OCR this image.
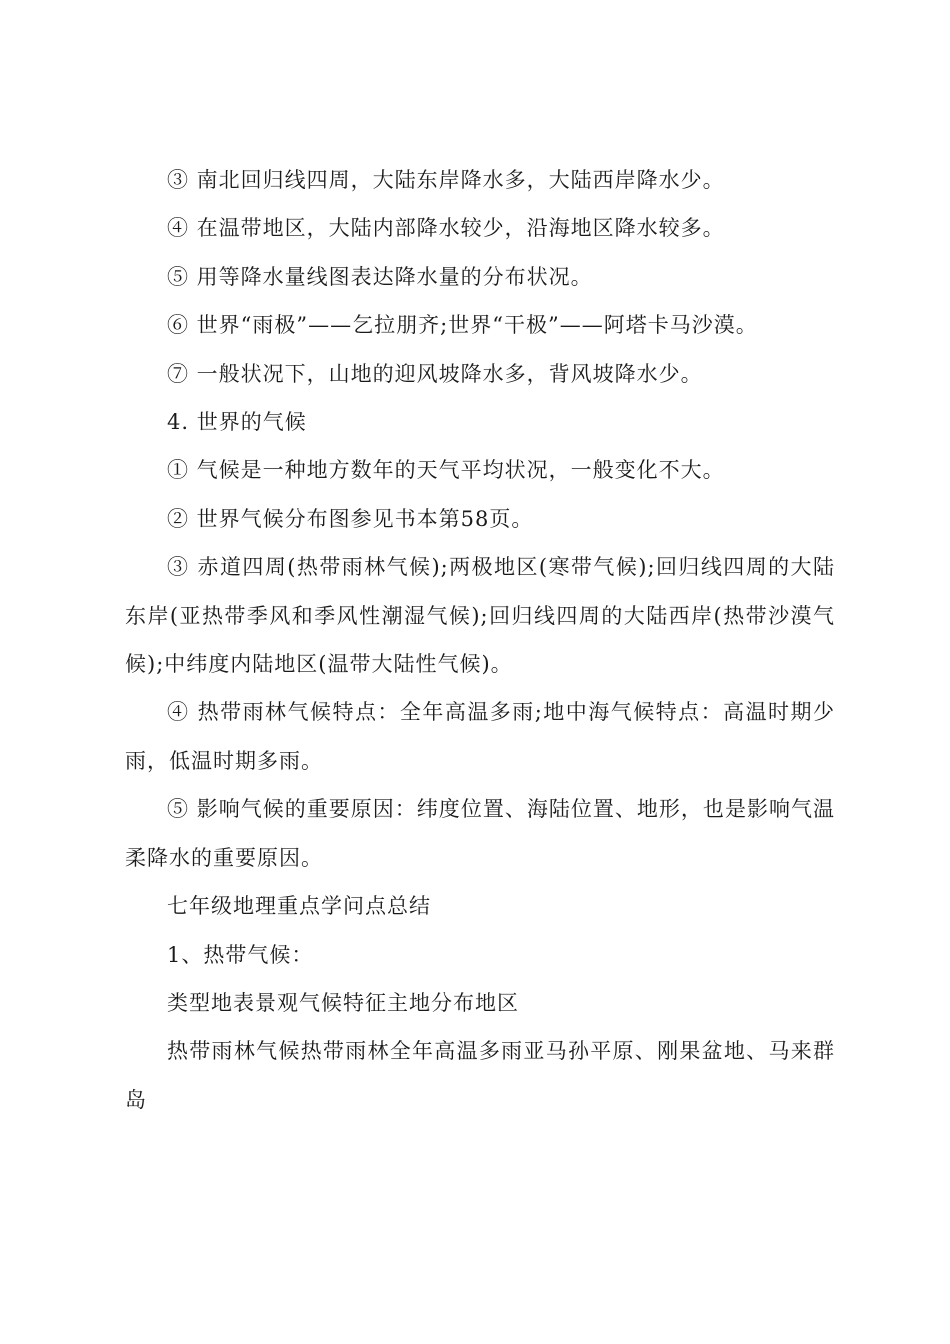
③ 南北回归线四周，大陆东岸降水多，大陆西岸降水少。

④ 在温带地区，大陆内部降水较少，沿海地区降水较多。

⑤ 用等降水量线图表达降水量的分布状况。

⑥ 世界“雨极”——乞拉朋齐;世界“干极”——阿塔卡马沙漠。

⑦ 一般状况下，山地的迎风坡降水多，背风坡降水少。

4. 世界的气候

① 气候是一种地方数年的天气平均状况，一般变化不大。

② 世界气候分布图参见书本第58页。

③ 赤道四周(热带雨林气候);两极地区(寒带气候);回归线四周的大陆东岸(亚热带季风和季风性潮湿气候);回归线四周的大陆西岸(热带沙漠气候);中纬度内陆地区(温带大陆性气候)。

④ 热带雨林气候特点：全年高温多雨;地中海气候特点：高温时期少雨，低温时期多雨。

⑤ 影响气候的重要原因：纬度位置、海陆位置、地形，也是影响气温柔降水的重要原因。

七年级地理重点学问点总结

1、热带气候：

类型地表景观气候特征主地分布地区

热带雨林气候热带雨林全年高温多雨亚马孙平原、刚果盆地、马来群岛
